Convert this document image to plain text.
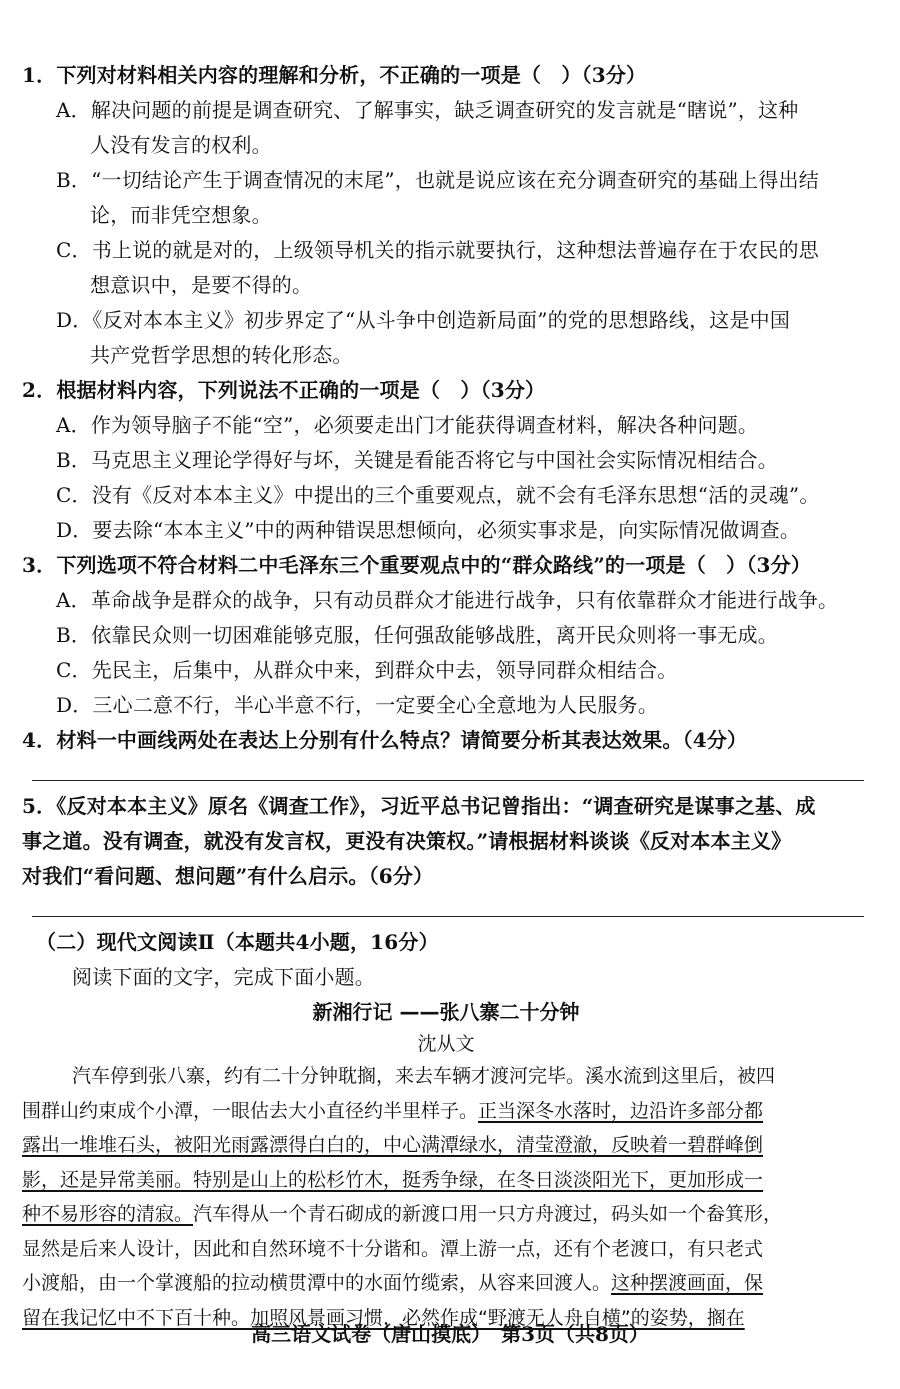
1．下列对材料相关内容的理解和分析，不正确的一项是（　）（3分）
A．解决问题的前提是调查研究、了解事实，缺乏调查研究的发言就是“瞎说”，这种
人没有发言的权利。
B．“一切结论产生于调查情况的末尾”，也就是说应该在充分调查研究的基础上得出结
论，而非凭空想象。
C．书上说的就是对的，上级领导机关的指示就要执行，这种想法普遍存在于农民的思
想意识中，是要不得的。
D．《反对本本主义》初步界定了“从斗争中创造新局面”的党的思想路线，这是中国
共产党哲学思想的转化形态。
2．根据材料内容，下列说法不正确的一项是（　）（3分）
A．作为领导脑子不能“空”，必须要走出门才能获得调查材料，解决各种问题。
B．马克思主义理论学得好与坏，关键是看能否将它与中国社会实际情况相结合。
C．没有《反对本本主义》中提出的三个重要观点，就不会有毛泽东思想“活的灵魂”。
D．要去除“本本主义”中的两种错误思想倾向，必须实事求是，向实际情况做调查。
3．下列选项不符合材料二中毛泽东三个重要观点中的“群众路线”的一项是（　）（3分）
A．革命战争是群众的战争，只有动员群众才能进行战争，只有依靠群众才能进行战争。
B．依靠民众则一切困难能够克服，任何强敌能够战胜，离开民众则将一事无成。
C．先民主，后集中，从群众中来，到群众中去，领导同群众相结合。
D．三心二意不行，半心半意不行，一定要全心全意地为人民服务。
4．材料一中画线两处在表达上分别有什么特点？请简要分析其表达效果。（4分）
5．《反对本本主义》原名《调查工作》，习近平总书记曾指出：“调查研究是谋事之基、成
事之道。没有调查，就没有发言权，更没有决策权。”请根据材料谈谈《反对本本主义》
对我们“看问题、想问题”有什么启示。（6分）
（二）现代文阅读Ⅱ（本题共4小题，16分）
阅读下面的文字，完成下面小题。
新湘行记 ——张八寨二十分钟
沈从文
汽车停到张八寨，约有二十分钟耽搁，来去车辆才渡河完毕。溪水流到这里后，被四
围群山约束成个小潭，一眼估去大小直径约半里样子。正当深冬水落时，边沿许多部分都
露出一堆堆石头，被阳光雨露漂得白白的，中心满潭绿水，清莹澄澈，反映着一碧群峰倒
影，还是异常美丽。特别是山上的松杉竹木，挺秀争绿，在冬日淡淡阳光下，更加形成一
种不易形容的清寂。汽车得从一个青石砌成的新渡口用一只方舟渡过，码头如一个畚箕形，
显然是后来人设计，因此和自然环境不十分谐和。潭上游一点，还有个老渡口，有只老式
小渡船，由一个掌渡船的拉动横贯潭中的水面竹缆索，从容来回渡人。这种摆渡画面，保
留在我记忆中不下百十种。加照风景画习惯，必然作成“野渡无人舟自横”的姿势，搁在
高三语文试卷（唐山摸底）　第3页（共8页）
